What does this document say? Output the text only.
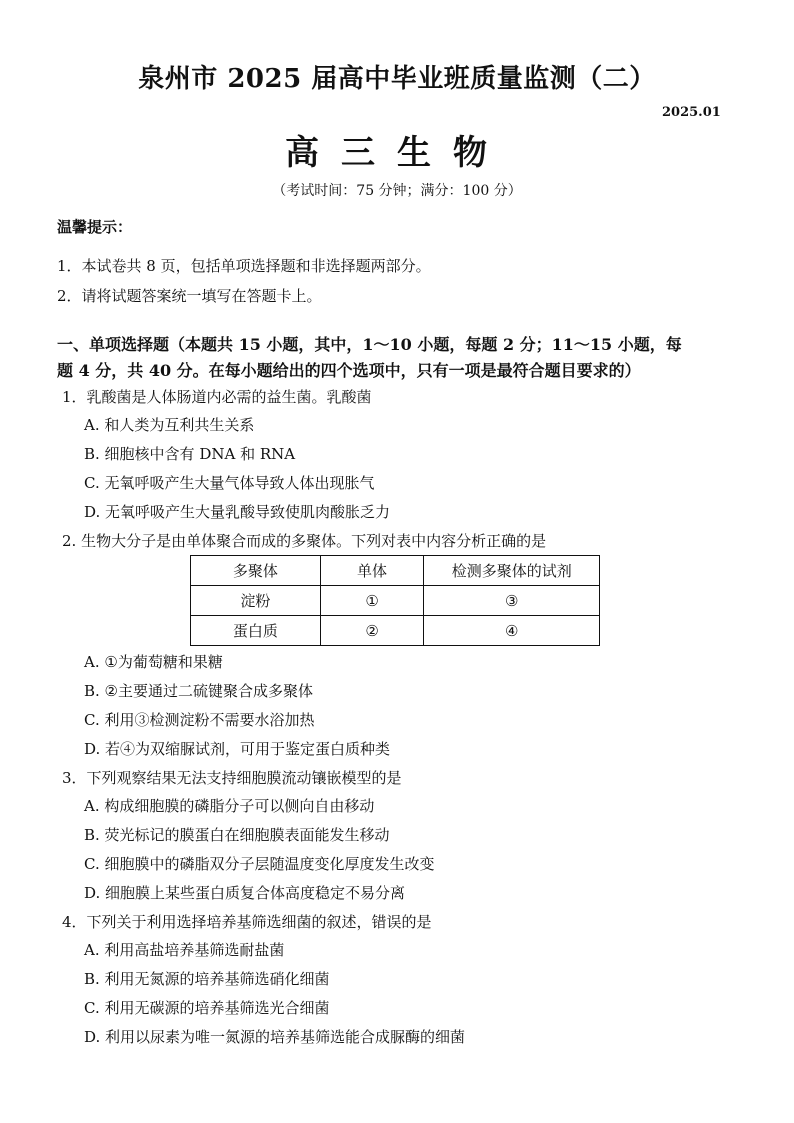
泉州市 2025 届高中毕业班质量监测（二）
2025.01
高三生物
（考试时间：75 分钟；满分：100 分）
温馨提示：
1．本试卷共 8 页，包括单项选择题和非选择题两部分。
2．请将试题答案统一填写在答题卡上。
一、单项选择题（本题共 15 小题，其中，1～10 小题，每题 2 分；11～15 小题，每
题 4 分，共 40 分。在每小题给出的四个选项中，只有一项是最符合题目要求的）
1．乳酸菌是人体肠道内必需的益生菌。乳酸菌
A. 和人类为互利共生关系
B. 细胞核中含有 DNA 和 RNA
C. 无氧呼吸产生大量气体导致人体出现胀气
D. 无氧呼吸产生大量乳酸导致使肌肉酸胀乏力
2. 生物大分子是由单体聚合而成的多聚体。下列对表中内容分析正确的是
多聚体	单体	检测多聚体的试剂
淀粉	①	③
蛋白质	②	④
A. ①为葡萄糖和果糖
B. ②主要通过二硫键聚合成多聚体
C. 利用③检测淀粉不需要水浴加热
D. 若④为双缩脲试剂，可用于鉴定蛋白质种类
3．下列观察结果无法支持细胞膜流动镶嵌模型的是
A. 构成细胞膜的磷脂分子可以侧向自由移动
B. 荧光标记的膜蛋白在细胞膜表面能发生移动
C. 细胞膜中的磷脂双分子层随温度变化厚度发生改变
D. 细胞膜上某些蛋白质复合体高度稳定不易分离
4．下列关于利用选择培养基筛选细菌的叙述，错误的是
A. 利用高盐培养基筛选耐盐菌
B. 利用无氮源的培养基筛选硝化细菌
C. 利用无碳源的培养基筛选光合细菌
D. 利用以尿素为唯一氮源的培养基筛选能合成脲酶的细菌
